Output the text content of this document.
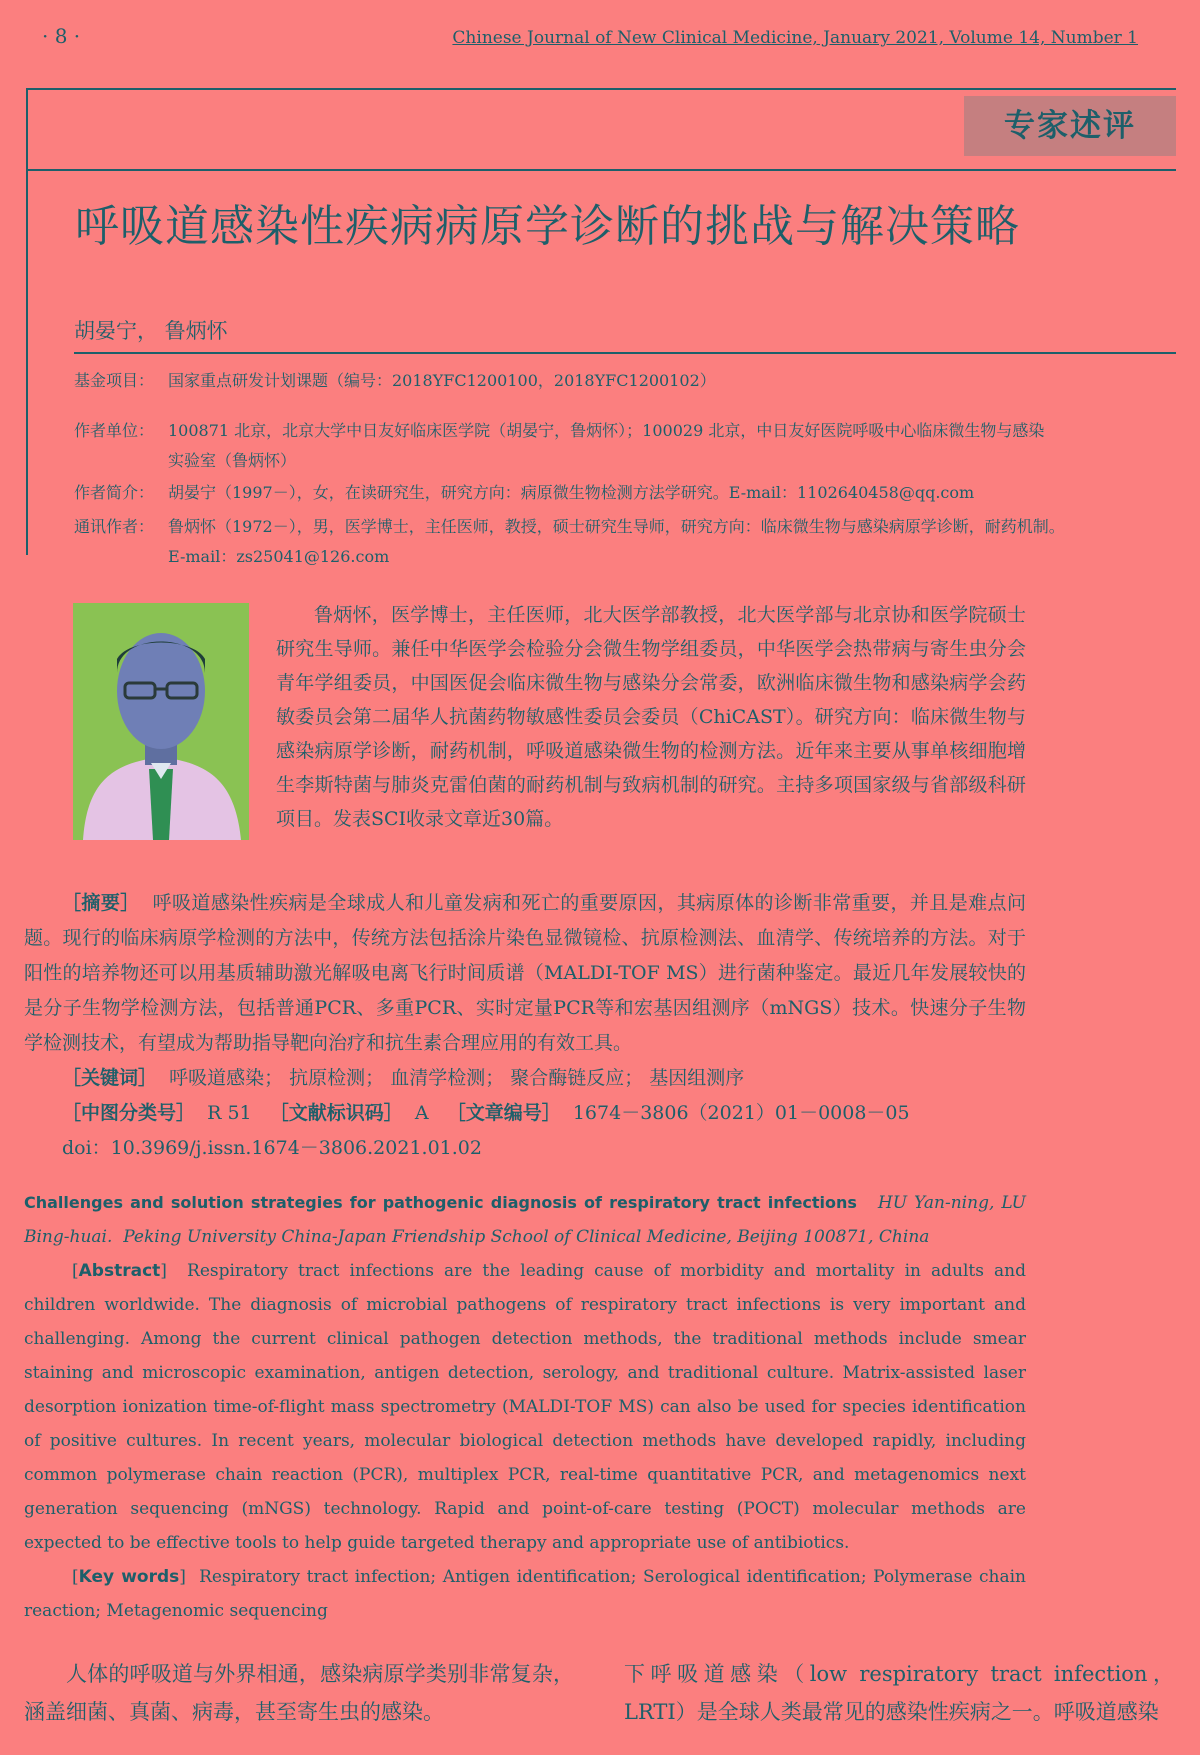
· 8 ·	Chinese Journal of New Clinical Medicine, January 2021, Volume 14, Number 1
专家述评
呼吸道感染性疾病病原学诊断的挑战与解决策略
胡晏宁， 鲁炳怀
基金项目： 国家重点研发计划课题（编号：2018YFC1200100，2018YFC1200102）
作者单位： 100871 北京，北京大学中日友好临床医学院（胡晏宁，鲁炳怀）；100029 北京，中日友好医院呼吸中心临床微生物与感染
实验室（鲁炳怀）
作者简介： 胡晏宁（1997－），女，在读研究生，研究方向：病原微生物检测方法学研究。E-mail：1102640458@qq.com
通讯作者： 鲁炳怀（1972－），男，医学博士，主任医师，教授，硕士研究生导师，研究方向：临床微生物与感染病原学诊断，耐药机制。
E-mail：zs25041@126.com

鲁炳怀，医学博士，主任医师，北大医学部教授，北大医学部与北京协和医学院硕士研究生导师。兼任中华医学会检验分会微生物学组委员，中华医学会热带病与寄生虫分会青年学组委员，中国医促会临床微生物与感染分会常委，欧洲临床微生物和感染病学会药敏委员会第二届华人抗菌药物敏感性委员会委员（ChiCAST）。研究方向：临床微生物与感染病原学诊断，耐药机制，呼吸道感染微生物的检测方法。近年来主要从事单核细胞增生李斯特菌与肺炎克雷伯菌的耐药机制与致病机制的研究。主持多项国家级与省部级科研项目。发表SCI收录文章近30篇。

［摘要］ 呼吸道感染性疾病是全球成人和儿童发病和死亡的重要原因，其病原体的诊断非常重要，并且是难点问题。现行的临床病原学检测的方法中，传统方法包括涂片染色显微镜检、抗原检测法、血清学、传统培养的方法。对于阳性的培养物还可以用基质辅助激光解吸电离飞行时间质谱（MALDI-TOF MS）进行菌种鉴定。最近几年发展较快的是分子生物学检测方法，包括普通PCR、多重PCR、实时定量PCR等和宏基因组测序（mNGS）技术。快速分子生物学检测技术，有望成为帮助指导靶向治疗和抗生素合理应用的有效工具。

［关键词］ 呼吸道感染； 抗原检测； 血清学检测； 聚合酶链反应； 基因组测序

［中图分类号］ R 51 ［文献标识码］ A ［文章编号］ 1674－3806（2021）01－0008－05

doi：10.3969/j.issn.1674－3806.2021.01.02

Challenges and solution strategies for pathogenic diagnosis of respiratory tract infections HU Yan-ning, LU Bing-huai. Peking University China-Japan Friendship School of Clinical Medicine, Beijing 100871, China

[Abstract]  Respiratory tract infections are the leading cause of morbidity and mortality in adults and children worldwide. The diagnosis of microbial pathogens of respiratory tract infections is very important and challenging. Among the current clinical pathogen detection methods, the traditional methods include smear staining and microscopic examination, antigen detection, serology, and traditional culture. Matrix-assisted laser desorption ionization time-of-flight mass spectrometry (MALDI-TOF MS) can also be used for species identification of positive cultures. In recent years, molecular biological detection methods have developed rapidly, including common polymerase chain reaction (PCR), multiplex PCR, real-time quantitative PCR, and metagenomics next generation sequencing (mNGS) technology. Rapid and point-of-care testing (POCT) molecular methods are expected to be effective tools to help guide targeted therapy and appropriate use of antibiotics.

[Key words]  Respiratory tract infection; Antigen identification; Serological identification; Polymerase chain reaction; Metagenomic sequencing

人体的呼吸道与外界相通，感染病原学类别非常复杂，涵盖细菌、真菌、病毒，甚至寄生虫的感染。

下呼吸道感染（low respiratory tract infection，LRTI）是全球人类最常见的感染性疾病之一。呼吸道感染
